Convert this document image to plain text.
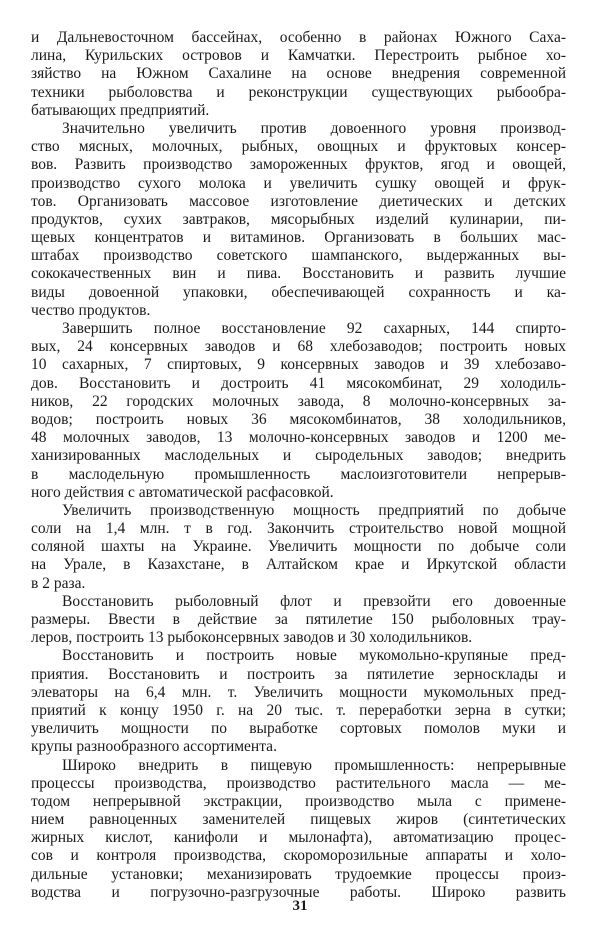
и Дальневосточном бассейнах, особенно в районах Южного Саха-
лина, Курильских островов и Камчатки. Перестроить рыбное хо-
зяйство на Южном Сахалине на основе внедрения современной
техники рыболовства и реконструкции существующих рыбообра-
батывающих предприятий.
Значительно увеличить против довоенного уровня производ-
ство мясных, молочных, рыбных, овощных и фруктовых консер-
вов. Развить производство замороженных фруктов, ягод и овощей,
производство сухого молока и увеличить сушку овощей и фрук-
тов. Организовать массовое изготовление диетических и детских
продуктов, сухих завтраков, мясорыбных изделий кулинарии, пи-
щевых концентратов и витаминов. Организовать в больших мас-
штабах производство советского шампанского, выдержанных вы-
сококачественных вин и пива. Восстановить и развить лучшие
виды довоенной упаковки, обеспечивающей сохранность и ка-
чество продуктов.
Завершить полное восстановление 92 сахарных, 144 спирто-
вых, 24 консервных заводов и 68 хлебозаводов; построить новых
10 сахарных, 7 спиртовых, 9 консервных заводов и 39 хлебозаво-
дов. Восстановить и достроить 41 мясокомбинат, 29 холодиль-
ников, 22 городских молочных завода, 8 молочно-консервных за-
водов; построить новых 36 мясокомбинатов, 38 холодильников,
48 молочных заводов, 13 молочно-консервных заводов и 1200 ме-
ханизированных маслодельных и сыродельных заводов; внедрить
в маслодельную промышленность маслоизготовители непрерыв-
ного действия с автоматической расфасовкой.
Увеличить производственную мощность предприятий по добыче
соли на 1,4 млн. т в год. Закончить строительство новой мощной
соляной шахты на Украине. Увеличить мощности по добыче соли
на Урале, в Казахстане, в Алтайском крае и Иркутской области
в 2 раза.
Восстановить рыболовный флот и превзойти его довоенные
размеры. Ввести в действие за пятилетие 150 рыболовных трау-
леров, построить 13 рыбоконсервных заводов и 30 холодильников.
Восстановить и построить новые мукомольно-крупяные пред-
приятия. Восстановить и построить за пятилетие зерносклады и
элеваторы на 6,4 млн. т. Увеличить мощности мукомольных пред-
приятий к концу 1950 г. на 20 тыс. т. переработки зерна в сутки;
увеличить мощности по выработке сортовых помолов муки и
крупы разнообразного ассортимента.
Широко внедрить в пищевую промышленность: непрерывные
процессы производства, производство растительного масла — ме-
тодом непрерывной экстракции, производство мыла с примене-
нием равноценных заменителей пищевых жиров (синтетических
жирных кислот, канифоли и мылонафта), автоматизацию процес-
сов и контроля производства, скороморозильные аппараты и холо-
дильные установки; механизировать трудоемкие процессы произ-
водства и погрузочно-разгрузочные работы. Широко развить
31
